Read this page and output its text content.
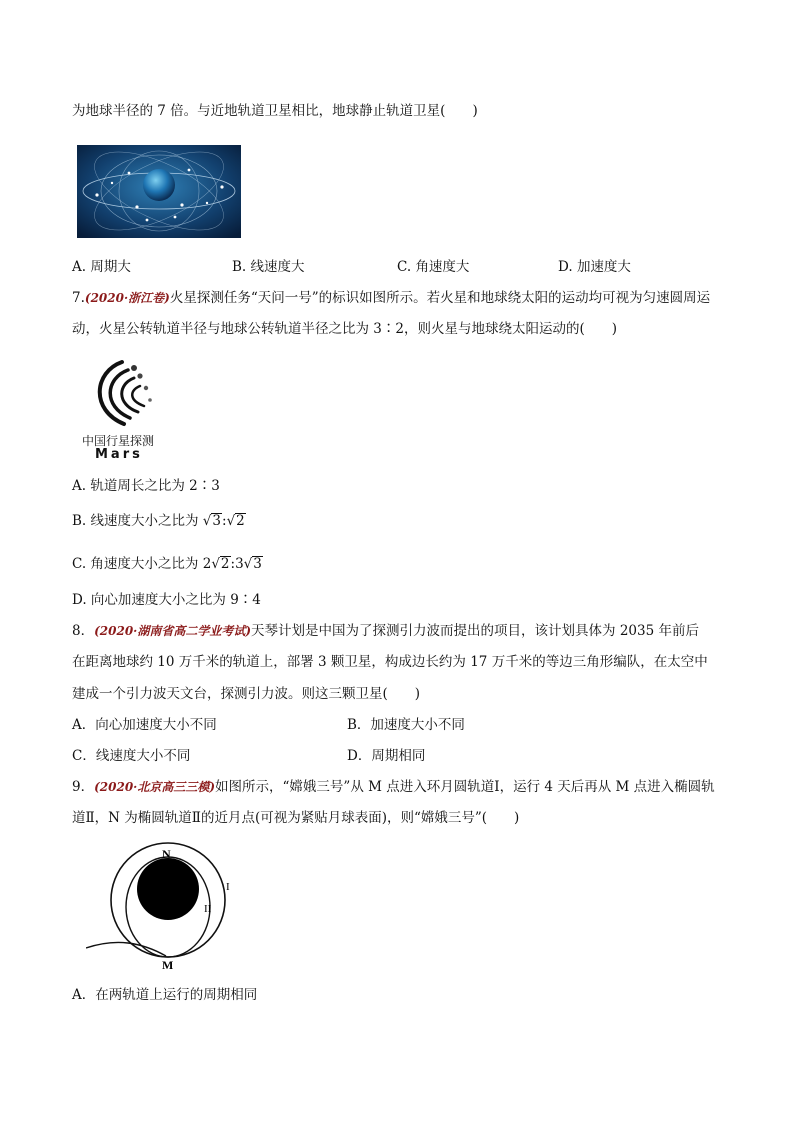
为地球半径的 7 倍。与近地轨道卫星相比，地球静止轨道卫星(　　)
A. 周期大	B. 线速度大	C. 角速度大	D. 加速度大
7.(2020·浙江卷)火星探测任务“天问一号”的标识如图所示。若火星和地球绕太阳的运动均可视为匀速圆周运
动，火星公转轨道半径与地球公转轨道半径之比为 3∶2，则火星与地球绕太阳运动的(　　)
中国行星探测
Mars
A. 轨道周长之比为 2∶3
B. 线速度大小之比为 √3:√2
C. 角速度大小之比为 2√2:3√3
D. 向心加速度大小之比为 9∶4
8．(2020·湖南省高二学业考试)天琴计划是中国为了探测引力波而提出的项目，该计划具体为 2035 年前后
在距离地球约 10 万千米的轨道上，部署 3 颗卫星，构成边长约为 17 万千米的等边三角形编队，在太空中
建成一个引力波天文台，探测引力波。则这三颗卫星(　　)
A．向心加速度大小不同	B．加速度大小不同
C．线速度大小不同	D．周期相同
9．(2020·北京高三三模)如图所示，“嫦娥三号”从 M 点进入环月圆轨道Ⅰ，运行 4 天后再从 M 点进入椭圆轨
道Ⅱ，N 为椭圆轨道Ⅱ的近月点(可视为紧贴月球表面)，则“嫦娥三号”(　　)
N
M
I
II
A．在两轨道上运行的周期相同
